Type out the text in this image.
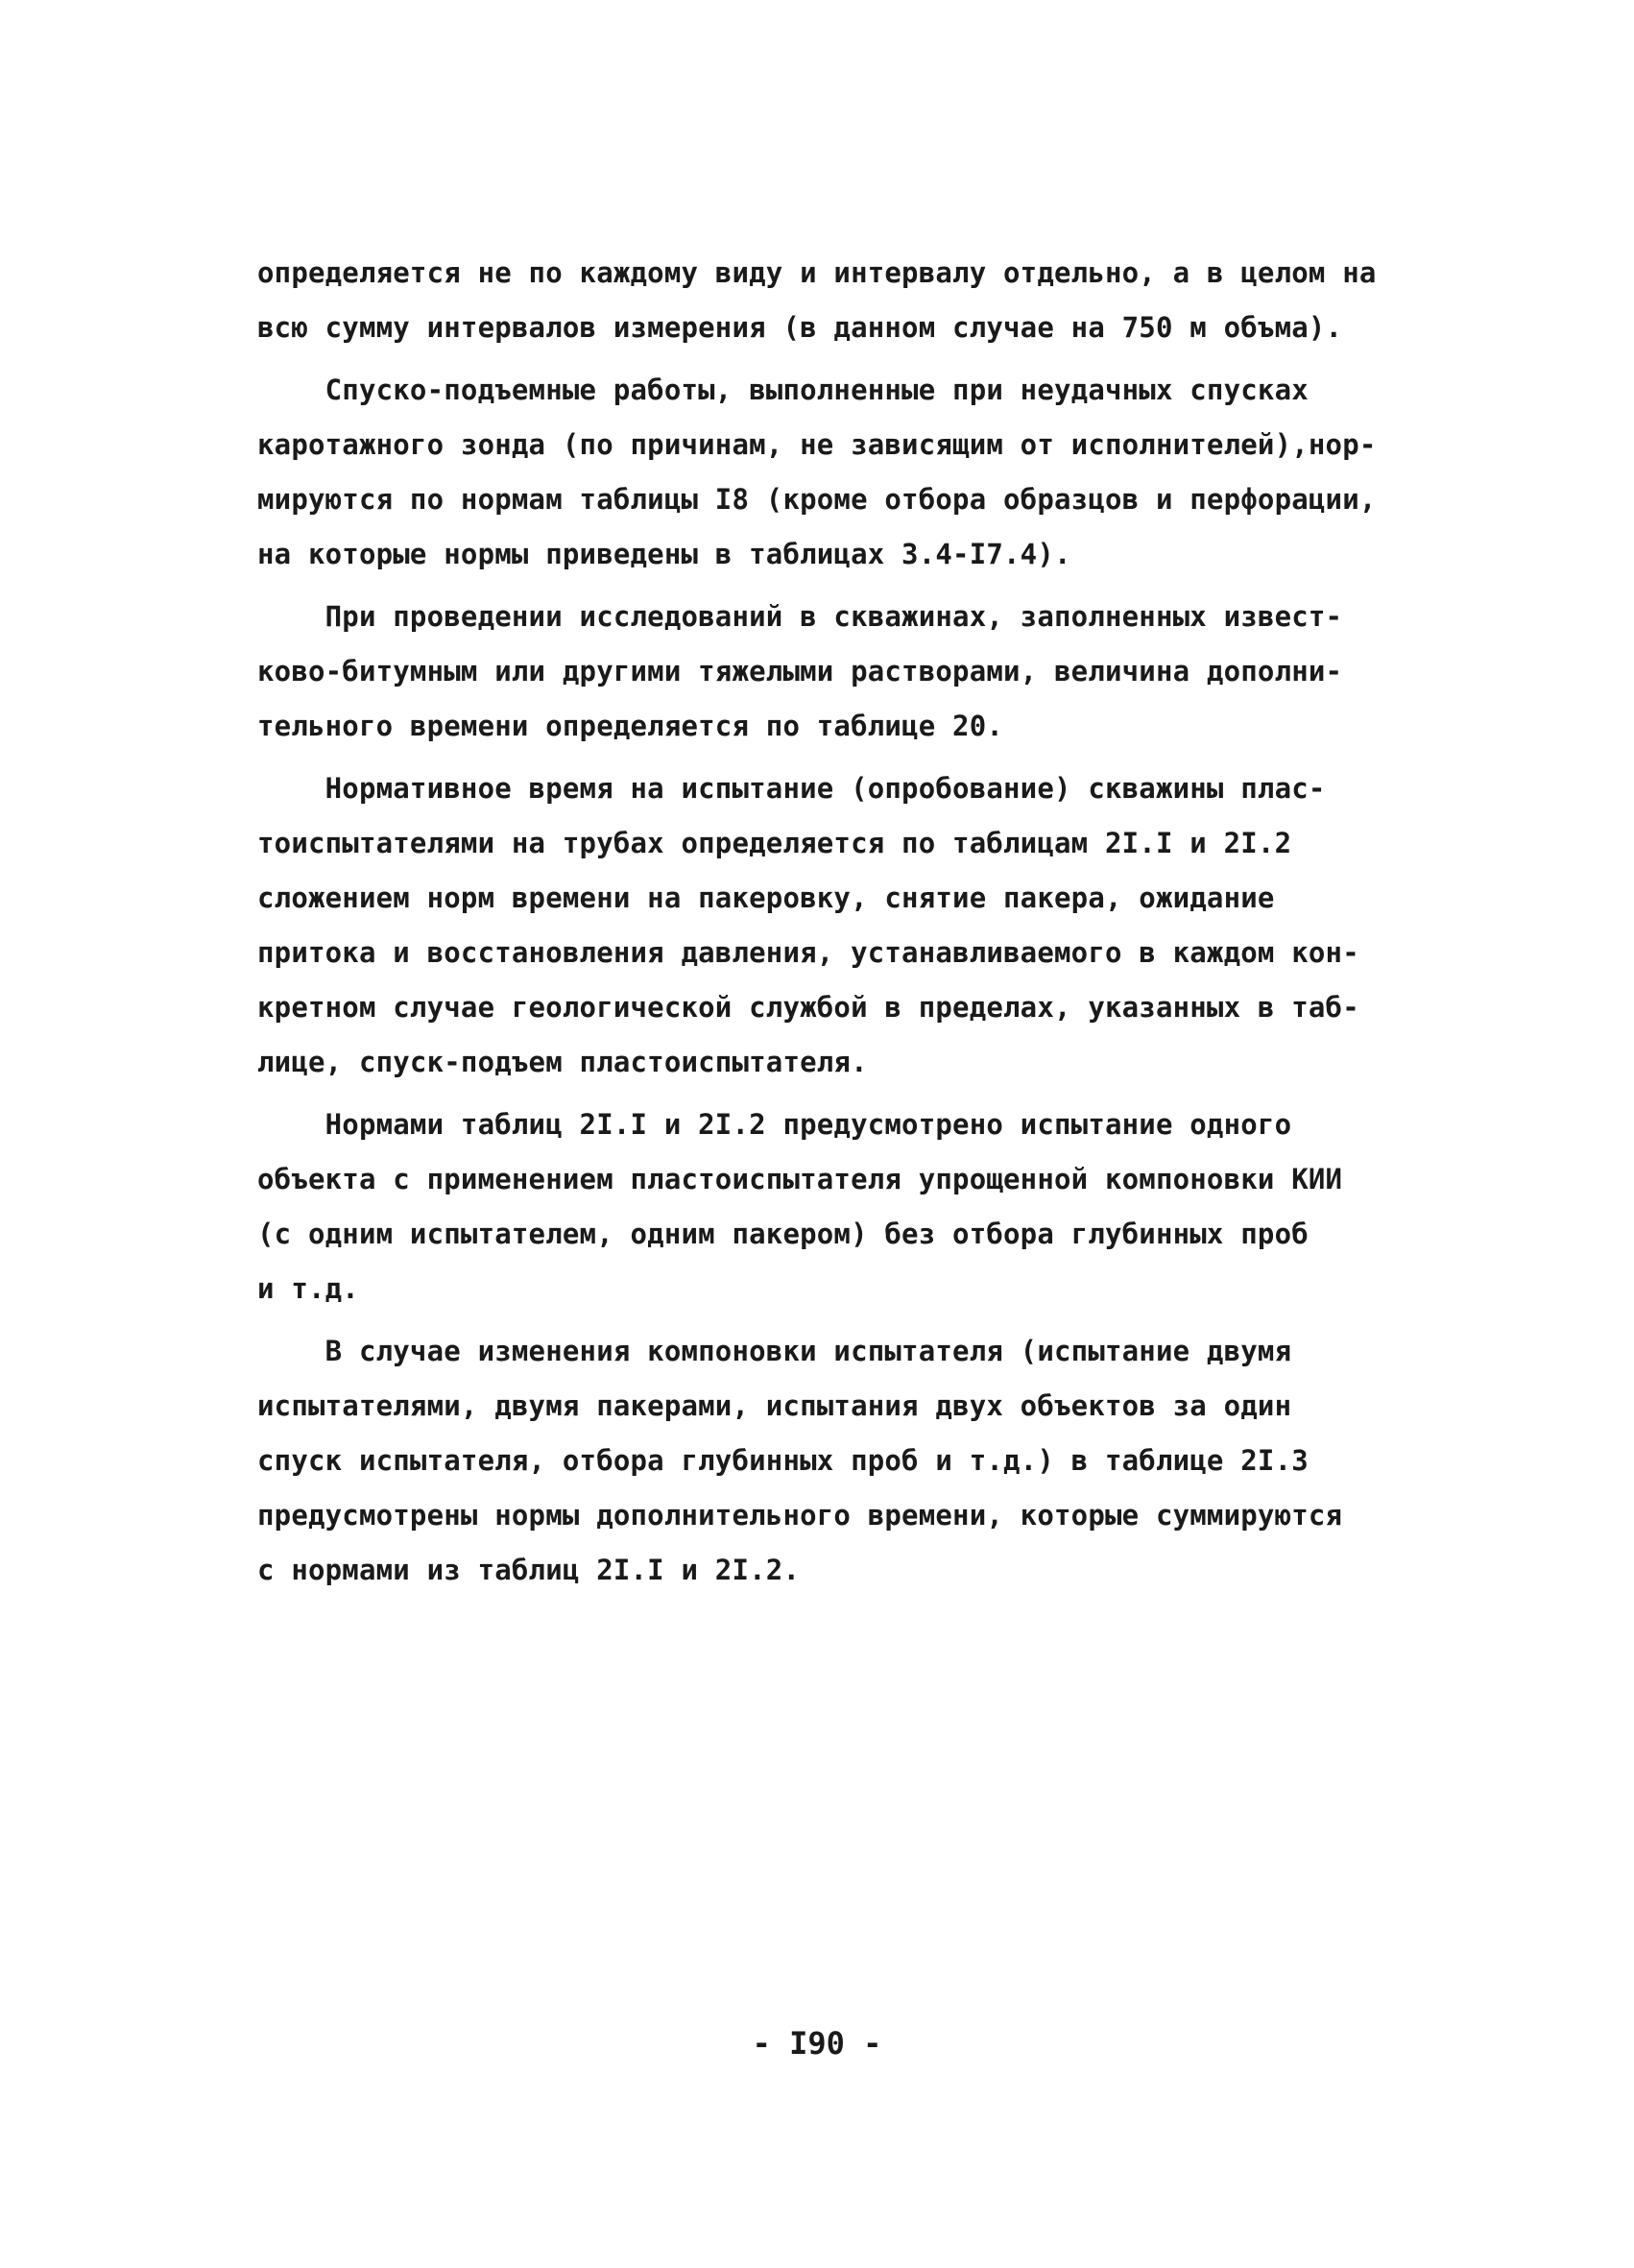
определяется не по каждому виду и интервалу отдельно, а в целом на
всю сумму интервалов измерения (в данном случае на 750 м объма).
Спуско-подъемные работы, выполненные при неудачных спусках
каротажного зонда (по причинам, не зависящим от исполнителей),нор-
мируются по нормам таблицы I8 (кроме отбора образцов и перфорации,
на которые нормы приведены в таблицах 3.4-I7.4).
При проведении исследований в скважинах, заполненных извест-
ково-битумным или другими тяжелыми растворами, величина дополни-
тельного времени определяется по таблице 20.
Нормативное время на испытание (опробование) скважины плас-
тоиспытателями на трубах определяется по таблицам 2I.I и 2I.2
сложением норм времени на пакеровку, снятие пакера, ожидание
притока и восстановления давления, устанавливаемого в каждом кон-
кретном случае геологической службой в пределах, указанных в таб-
лице, спуск-подъем пластоиспытателя.
Нормами таблиц 2I.I и 2I.2 предусмотрено испытание одного
объекта с применением пластоиспытателя упрощенной компоновки КИИ
(с одним испытателем, одним пакером) без отбора глубинных проб
и т.д.
В случае изменения компоновки испытателя (испытание двумя
испытателями, двумя пакерами, испытания двух объектов за один
спуск испытателя, отбора глубинных проб и т.д.) в таблице 2I.3
предусмотрены нормы дополнительного времени, которые суммируются
с нормами из таблиц 2I.I и 2I.2.
- I90 -
